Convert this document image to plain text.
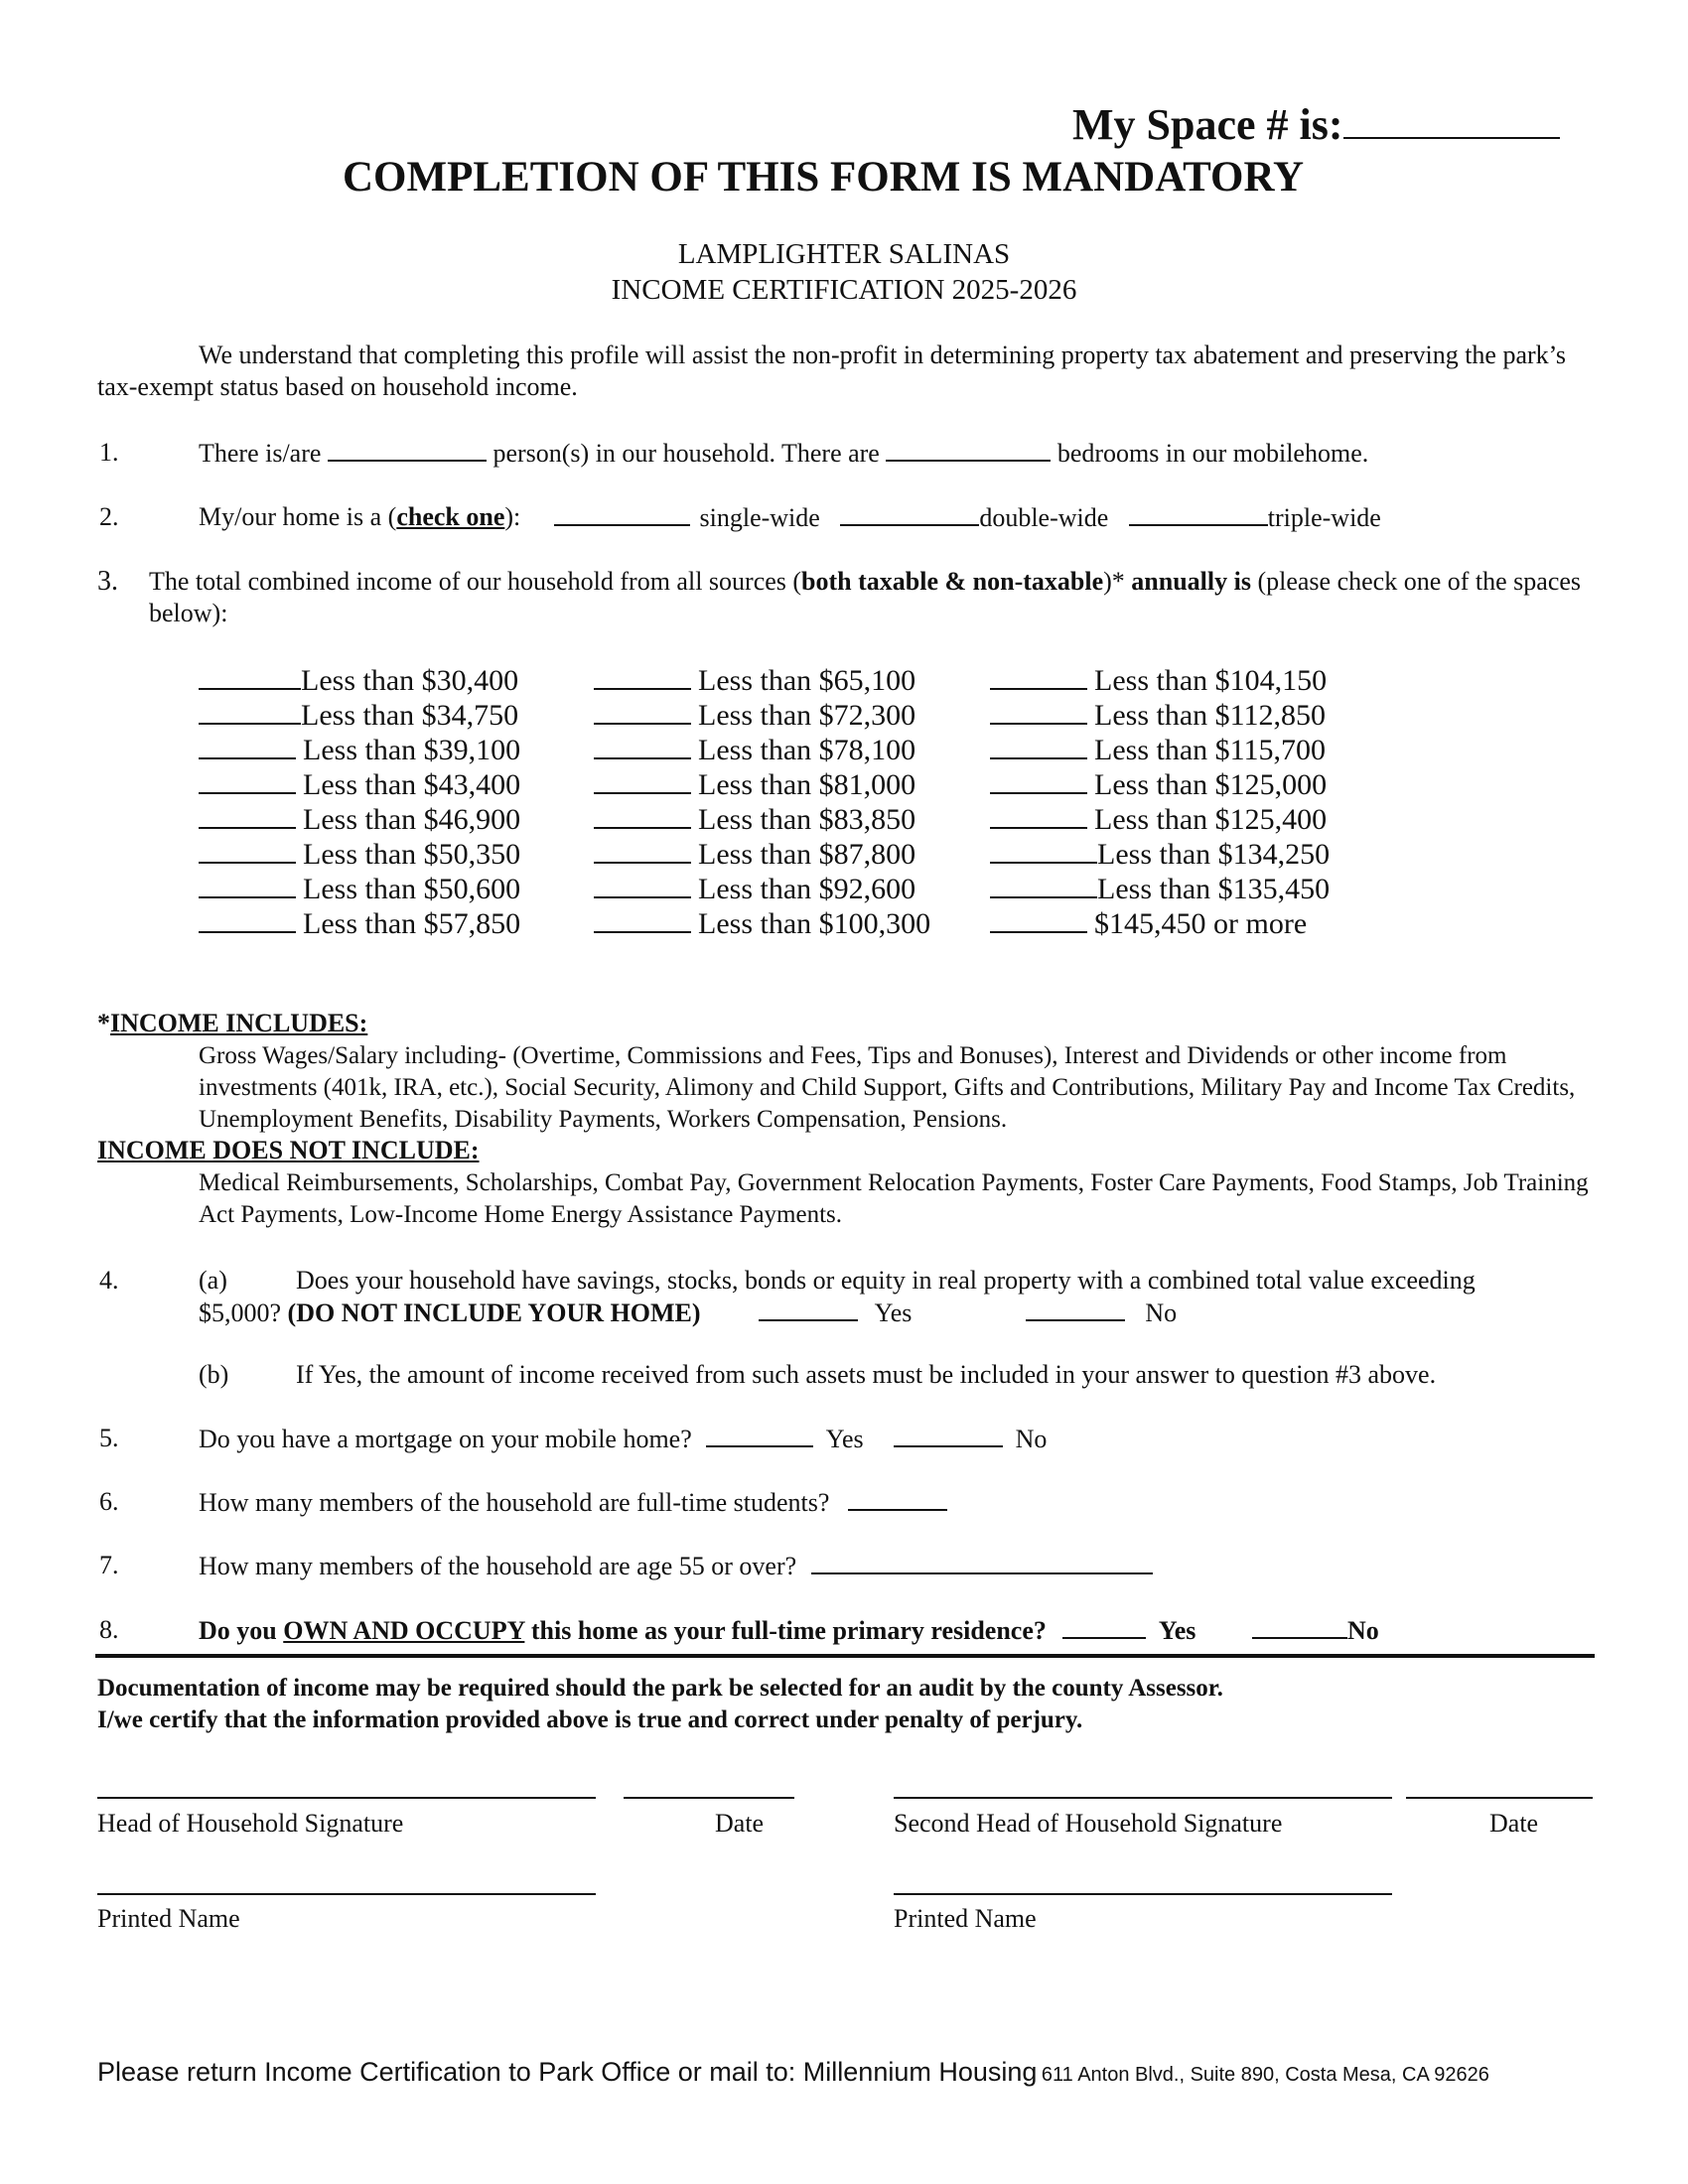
My Space # is:
COMPLETION OF THIS FORM IS MANDATORY
LAMPLIGHTER SALINAS
INCOME CERTIFICATION 2025-2026
We understand that completing this profile will assist the non-profit in determining property tax abatement and preserving the park’s tax-exempt status based on household income.
1.	There is/are	person(s) in our household. There are	bedrooms in our mobilehome.
2.	My/our home is a (check one):	single-wide	double-wide	triple-wide
3. The total combined income of our household from all sources (both taxable & non-taxable)* annually is (please check one of the spaces below):
Less than $30,400
Less than $34,750
Less than $39,100
Less than $43,400
Less than $46,900
Less than $50,350
Less than $50,600
Less than $57,850
Less than $65,100
Less than $72,300
Less than $78,100
Less than $81,000
Less than $83,850
Less than $87,800
Less than $92,600
Less than $100,300
Less than $104,150
Less than $112,850
Less than $115,700
Less than $125,000
Less than $125,400
Less than $134,250
Less than $135,450
$145,450 or more
*INCOME INCLUDES:
Gross Wages/Salary including- (Overtime, Commissions and Fees, Tips and Bonuses), Interest and Dividends or other income from investments (401k, IRA, etc.), Social Security, Alimony and Child Support, Gifts and Contributions, Military Pay and Income Tax Credits, Unemployment Benefits, Disability Payments, Workers Compensation, Pensions.
INCOME DOES NOT INCLUDE:
Medical Reimbursements, Scholarships, Combat Pay, Government Relocation Payments, Foster Care Payments, Food Stamps, Job Training Act Payments, Low-Income Home Energy Assistance Payments.
4.	(a)	Does your household have savings, stocks, bonds or equity in real property with a combined total value exceeding
$5,000? (DO NOT INCLUDE YOUR HOME)	Yes	No
(b)	If Yes, the amount of income received from such assets must be included in your answer to question #3 above.
5.	Do you have a mortgage on your mobile home?	Yes	No
6.	How many members of the household are full-time students?
7.	How many members of the household are age 55 or over?
8.	Do you OWN AND OCCUPY this home as your full-time primary residence?	Yes	No
Documentation of income may be required should the park be selected for an audit by the county Assessor.
I/we certify that the information provided above is true and correct under penalty of perjury.
Head of Household Signature	Date	Second Head of Household Signature	Date
Printed Name	Printed Name
Please return Income Certification to Park Office or mail to: Millennium Housing 611 Anton Blvd., Suite 890, Costa Mesa, CA 92626
